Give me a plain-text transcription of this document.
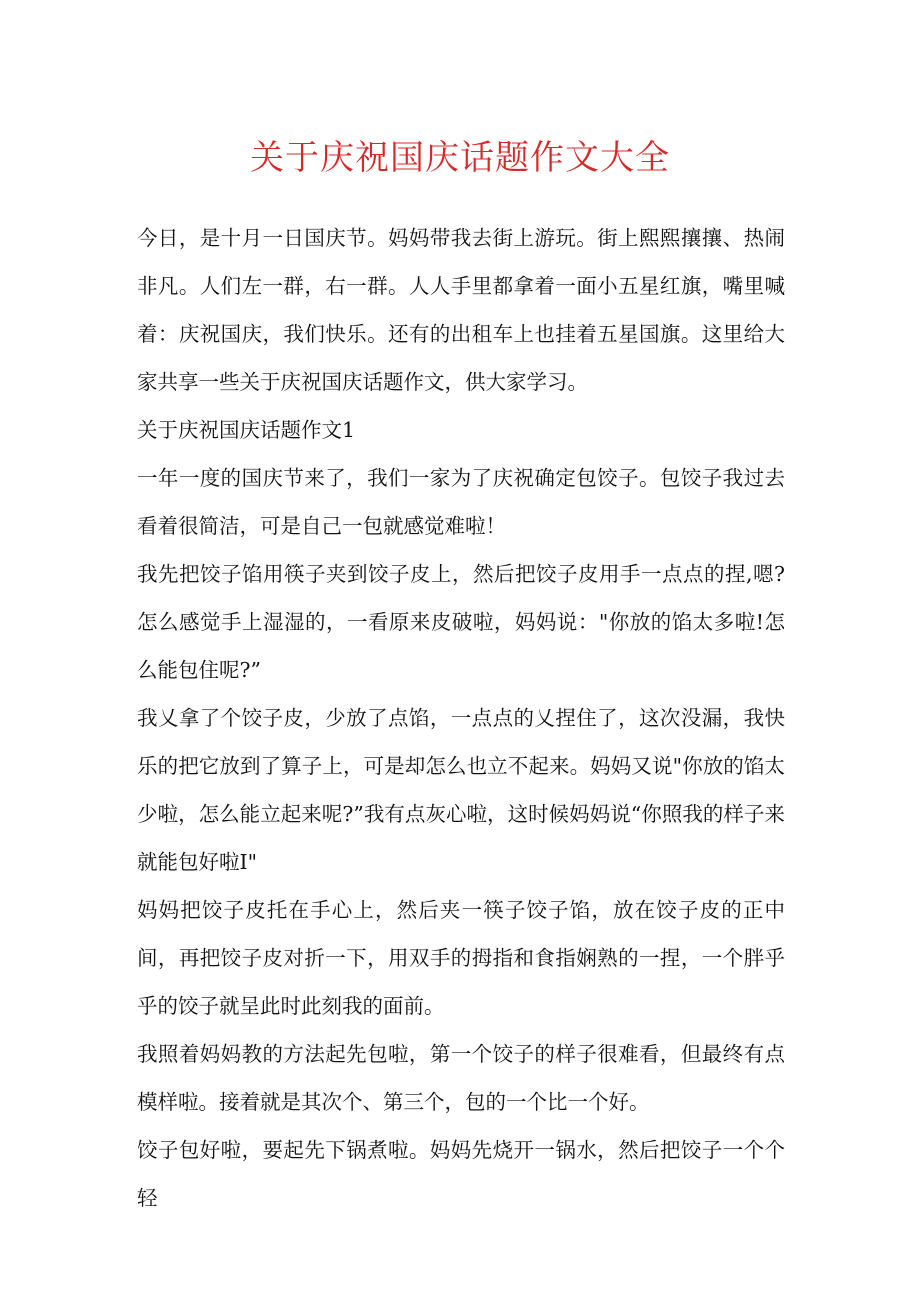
关于庆祝国庆话题作文大全

今日，是十月一日国庆节。妈妈带我去街上游玩。街上熙熙攘攘、热闹非凡。人们左一群，右一群。人人手里都拿着一面小五星红旗，嘴里喊着：庆祝国庆，我们快乐。还有的出租车上也挂着五星国旗。这里给大家共享一些关于庆祝国庆话题作文，供大家学习。

关于庆祝国庆话题作文1

一年一度的国庆节来了，我们一家为了庆祝确定包饺子。包饺子我过去看着很简洁，可是自己一包就感觉难啦！

我先把饺子馅用筷子夹到饺子皮上，然后把饺子皮用手一点点的捏,嗯?怎么感觉手上湿湿的，一看原来皮破啦，妈妈说："你放的馅太多啦!怎么能包住呢?”

我乂拿了个饺子皮，少放了点馅，一点点的乂捏住了，这次没漏，我快乐的把它放到了算子上，可是却怎么也立不起来。妈妈又说"你放的馅太少啦，怎么能立起来呢?”我有点灰心啦，这时候妈妈说“你照我的样子来就能包好啦I"

妈妈把饺子皮托在手心上，然后夹一筷子饺子馅，放在饺子皮的正中间，再把饺子皮对折一下，用双手的拇指和食指娴熟的一捏，一个胖乎乎的饺子就呈此时此刻我的面前。

我照着妈妈教的方法起先包啦，第一个饺子的样子很难看，但最终有点模样啦。接着就是其次个、第三个，包的一个比一个好。

饺子包好啦，要起先下锅煮啦。妈妈先烧开一锅水，然后把饺子一个个轻
